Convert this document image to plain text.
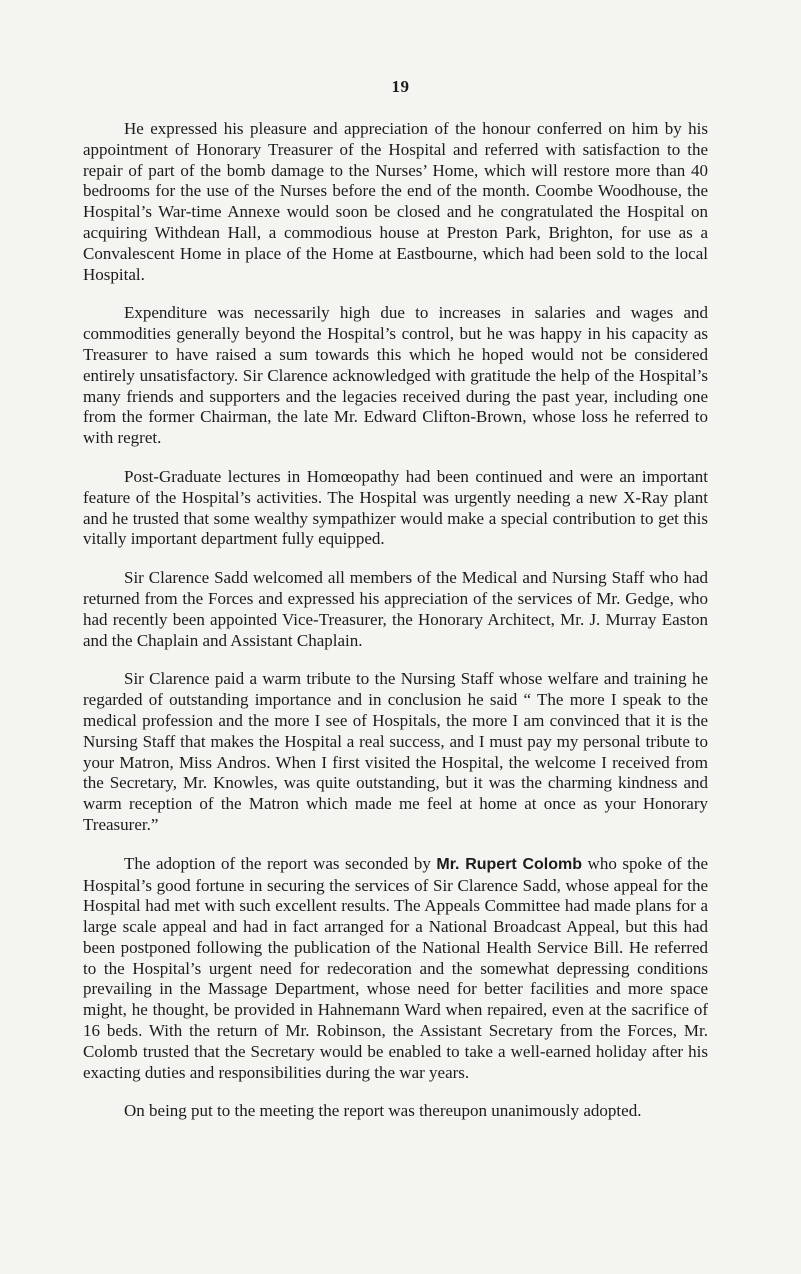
19

He expressed his pleasure and appreciation of the honour conferred on him by his appointment of Honorary Treasurer of the Hospital and referred with satisfaction to the repair of part of the bomb damage to the Nurses’ Home, which will restore more than 40 bedrooms for the use of the Nurses before the end of the month. Coombe Woodhouse, the Hospital’s War-time Annexe would soon be closed and he congratulated the Hospital on acquiring Withdean Hall, a commodious house at Preston Park, Brighton, for use as a Convalescent Home in place of the Home at Eastbourne, which had been sold to the local Hospital.

Expenditure was necessarily high due to increases in salaries and wages and commodities generally beyond the Hospital’s control, but he was happy in his capacity as Treasurer to have raised a sum towards this which he hoped would not be considered entirely unsatisfactory. Sir Clarence acknowledged with gratitude the help of the Hospital’s many friends and supporters and the legacies received during the past year, including one from the former Chairman, the late Mr. Edward Clifton-Brown, whose loss he referred to with regret.

Post-Graduate lectures in Homœopathy had been continued and were an important feature of the Hospital’s activities. The Hospital was urgently needing a new X-Ray plant and he trusted that some wealthy sympathizer would make a special contribution to get this vitally important department fully equipped.

Sir Clarence Sadd welcomed all members of the Medical and Nursing Staff who had returned from the Forces and expressed his appreciation of the services of Mr. Gedge, who had recently been appointed Vice-Treasurer, the Honorary Architect, Mr. J. Murray Easton and the Chaplain and Assistant Chaplain.

Sir Clarence paid a warm tribute to the Nursing Staff whose welfare and training he regarded of outstanding importance and in conclusion he said “ The more I speak to the medical profession and the more I see of Hospitals, the more I am convinced that it is the Nursing Staff that makes the Hospital a real success, and I must pay my personal tribute to your Matron, Miss Andros. When I first visited the Hospital, the welcome I received from the Secretary, Mr. Knowles, was quite outstanding, but it was the charming kindness and warm reception of the Matron which made me feel at home at once as your Honorary Treasurer.”

The adoption of the report was seconded by Mr. Rupert Colomb who spoke of the Hospital’s good fortune in securing the services of Sir Clarence Sadd, whose appeal for the Hospital had met with such excellent results. The Appeals Committee had made plans for a large scale appeal and had in fact arranged for a National Broadcast Appeal, but this had been postponed following the publication of the National Health Service Bill. He referred to the Hospital’s urgent need for redecoration and the somewhat depressing conditions prevailing in the Massage Department, whose need for better facilities and more space might, he thought, be provided in Hahnemann Ward when repaired, even at the sacrifice of 16 beds. With the return of Mr. Robinson, the Assistant Secretary from the Forces, Mr. Colomb trusted that the Secretary would be enabled to take a well-earned holiday after his exacting duties and responsibilities during the war years.

On being put to the meeting the report was thereupon unanimously adopted.
